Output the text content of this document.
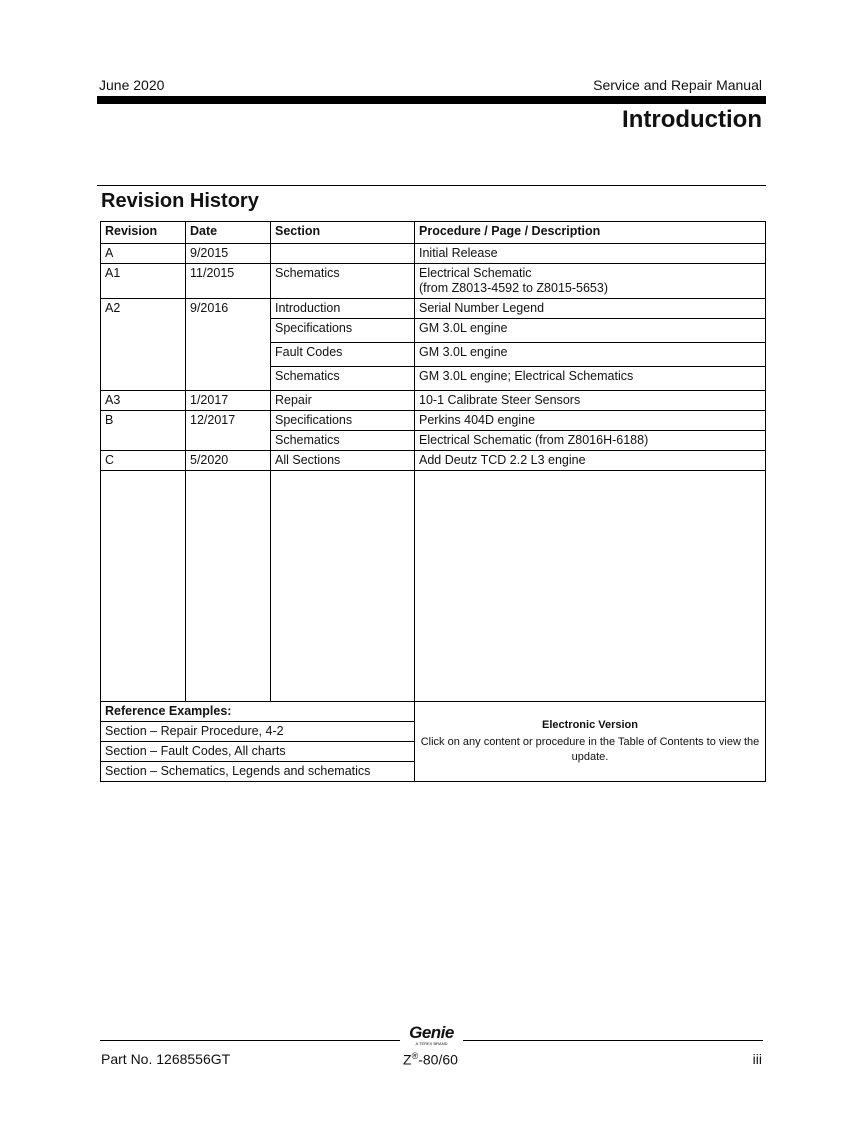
June 2020	Service and Repair Manual
Introduction
Revision History
Revision	Date	Section	Procedure / Page / Description
A	9/2015		Initial Release
A1	11/2015	Schematics	Electrical Schematic
(from Z8013-4592 to Z8015-5653)

A2	9/2016	Introduction	Serial Number Legend
		Specifications	GM 3.0L engine
		Fault Codes	GM 3.0L engine
		Schematics	GM 3.0L engine; Electrical Schematics
A3	1/2017	Repair	10-1 Calibrate Steer Sensors
B	12/2017	Specifications	Perkins 404D engine
		Schematics	Electrical Schematic (from Z8016H-6188)
C	5/2020	All Sections	Add Deutz TCD 2.2 L3 engine

Reference Examples:			Electronic Version
Click on any content or procedure in the Table of Contents to view the update.

Section – Repair Procedure, 4-2			
Section – Fault Codes, All charts			
Section – Schematics, Legends and schematics			
Genie
A TEREX BRAND
Part No. 1268556GT	Z®-80/60	iii
